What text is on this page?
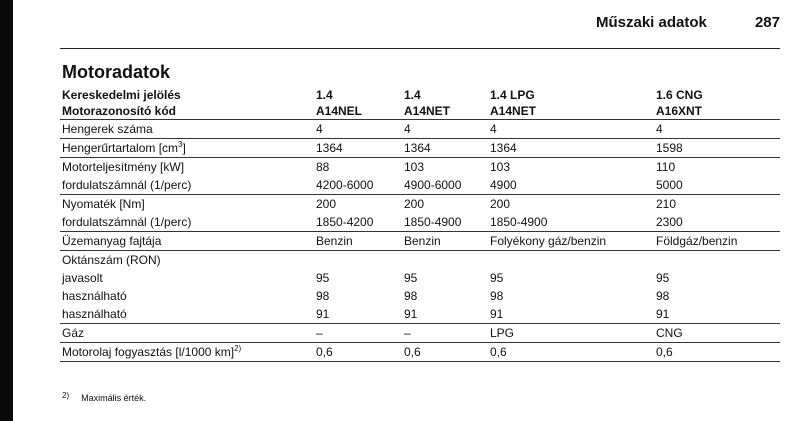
Műszaki adatok	287
Motoradatok
Kereskedelmi jelölés	1.4	1.4	1.4 LPG	1.6 CNG
Motorazonosító kód	A14NEL	A14NET	A14NET	A16XNT
Hengerek száma	4	4	4	4
Hengerűrtartalom $[cm^3]$	1364	1364	1364	1598
Motorteljesítmény [kW]	88	103	103	110
fordulatszámnál (1/perc)	4200-6000	4900-6000	4900	5000
Nyomaték [Nm]	200	200	200	210
fordulatszámnál (1/perc)	1850-4200	1850-4900	1850-4900	2300
Üzemanyag fajtája	Benzin	Benzin	Folyékony gáz/benzin	Földgáz/benzin
Oktánszám (RON)				
javasolt	95	95	95	95
használható	98	98	98	98
használható	91	91	91	91
Gáz	–	–	LPG	CNG
Motorolaj fogyasztás [l/1000 km]$^{2)}$	0,6	0,6	0,6	0,6
2) Maximális érték.
